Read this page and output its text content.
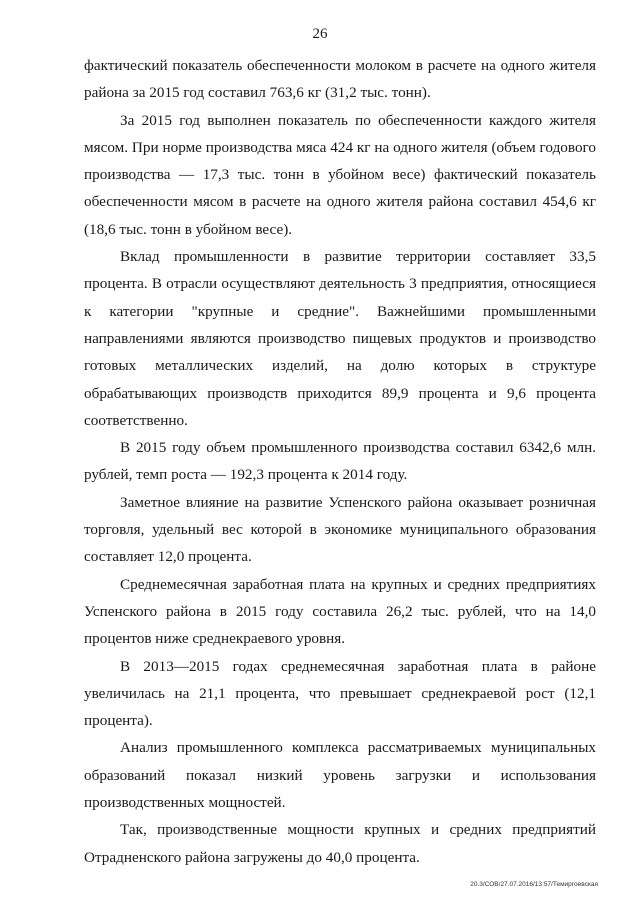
26

фактический показатель обеспеченности молоком в расчете на одного жителя района за 2015 год составил 763,6 кг (31,2 тыс. тонн).

За 2015 год выполнен показатель по обеспеченности каждого жителя мясом. При норме производства мяса 424 кг на одного жителя (объем годового производства — 17,3 тыс. тонн в убойном весе) фактический показатель обеспеченности мясом в расчете на одного жителя района составил 454,6 кг (18,6 тыс. тонн в убойном весе).

Вклад промышленности в развитие территории составляет 33,5 процента. В отрасли осуществляют деятельность 3 предприятия, относящиеся к категории "крупные и средние". Важнейшими промышленными направлениями являются производство пищевых продуктов и производство готовых металлических изделий, на долю которых в структуре обрабатывающих производств приходится 89,9 процента и 9,6 процента соответственно.

В 2015 году объем промышленного производства составил 6342,6 млн. рублей, темп роста — 192,3 процента к 2014 году.

Заметное влияние на развитие Успенского района оказывает розничная торговля, удельный вес которой в экономике муниципального образования составляет 12,0 процента.

Среднемесячная заработная плата на крупных и средних предприятиях Успенского района в 2015 году составила 26,2 тыс. рублей, что на 14,0 процентов ниже среднекраевого уровня.

В 2013—2015 годах среднемесячная заработная плата в районе увеличилась на 21,1 процента, что превышает среднекраевой рост (12,1 процента).

Анализ промышленного комплекса рассматриваемых муниципальных образований показал низкий уровень загрузки и использования производственных мощностей.

Так, производственные мощности крупных и средних предприятий Отрадненского района загружены до 40,0 процента.

20.3/СОВ/27.07.2016/13:57/Темиргоевская
